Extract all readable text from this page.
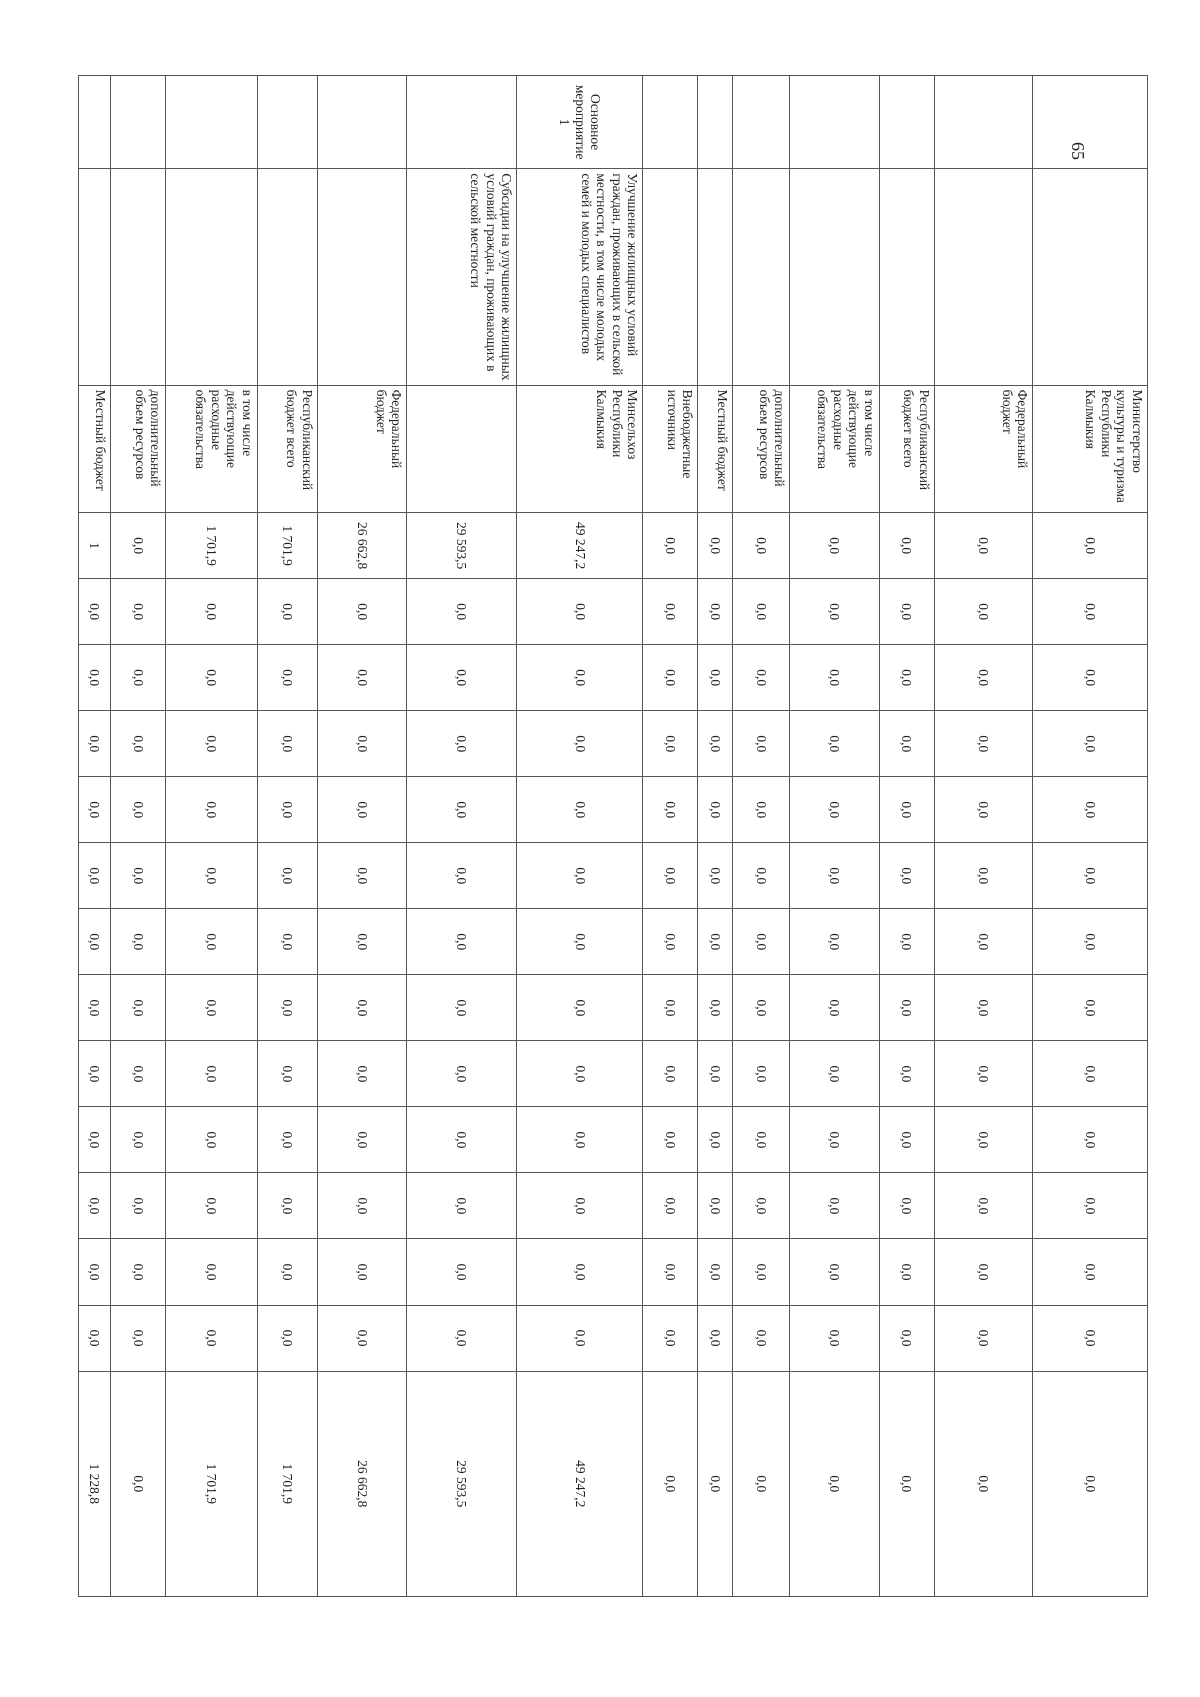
		Министерство культуры и туризма Республики Калмыкия	0,0	0,0	0,0	0,0	0,0	0,0	0,0	0,0	0,0	0,0	0,0	0,0	0,0	0,0
		Федеральный бюджет	0,0	0,0	0,0	0,0	0,0	0,0	0,0	0,0	0,0	0,0	0,0	0,0	0,0	0,0
		Республиканский бюджет всего	0,0	0,0	0,0	0,0	0,0	0,0	0,0	0,0	0,0	0,0	0,0	0,0	0,0	0,0
		в том числе действующие расходные обязательства	0,0	0,0	0,0	0,0	0,0	0,0	0,0	0,0	0,0	0,0	0,0	0,0	0,0	0,0
		дополнительный объем ресурсов	0,0	0,0	0,0	0,0	0,0	0,0	0,0	0,0	0,0	0,0	0,0	0,0	0,0	0,0
		Местный бюджет	0,0	0,0	0,0	0,0	0,0	0,0	0,0	0,0	0,0	0,0	0,0	0,0	0,0	0,0
		Внебюджетные источники	0,0	0,0	0,0	0,0	0,0	0,0	0,0	0,0	0,0	0,0	0,0	0,0	0,0	0,0
Основное мероприятие 1	Улучшение жилищных условий граждан, проживающих в сельской местности, в том числе молодых семей и молодых специалистов	Минсельхоз Республики Калмыкия	49 247,2	0,0	0,0	0,0	0,0	0,0	0,0	0,0	0,0	0,0	0,0	0,0	0,0	49 247,2
	Субсидии на улучшение жилищных условий граждан, проживающих в сельской местности		29 593,5	0,0	0,0	0,0	0,0	0,0	0,0	0,0	0,0	0,0	0,0	0,0	0,0	29 593,5
		Федеральный бюджет	26 662,8	0,0	0,0	0,0	0,0	0,0	0,0	0,0	0,0	0,0	0,0	0,0	0,0	26 662,8
		Республиканский бюджет всего	1 701,9	0,0	0,0	0,0	0,0	0,0	0,0	0,0	0,0	0,0	0,0	0,0	0,0	1 701,9
		в том числе действующие расходные обязательства	1 701,9	0,0	0,0	0,0	0,0	0,0	0,0	0,0	0,0	0,0	0,0	0,0	0,0	1 701,9
		дополнительный объем ресурсов	0,0	0,0	0,0	0,0	0,0	0,0	0,0	0,0	0,0	0,0	0,0	0,0	0,0	0,0
		Местный бюджет	1	0,0	0,0	0,0	0,0	0,0	0,0	0,0	0,0	0,0	0,0	0,0	0,0	1 228,8
65
